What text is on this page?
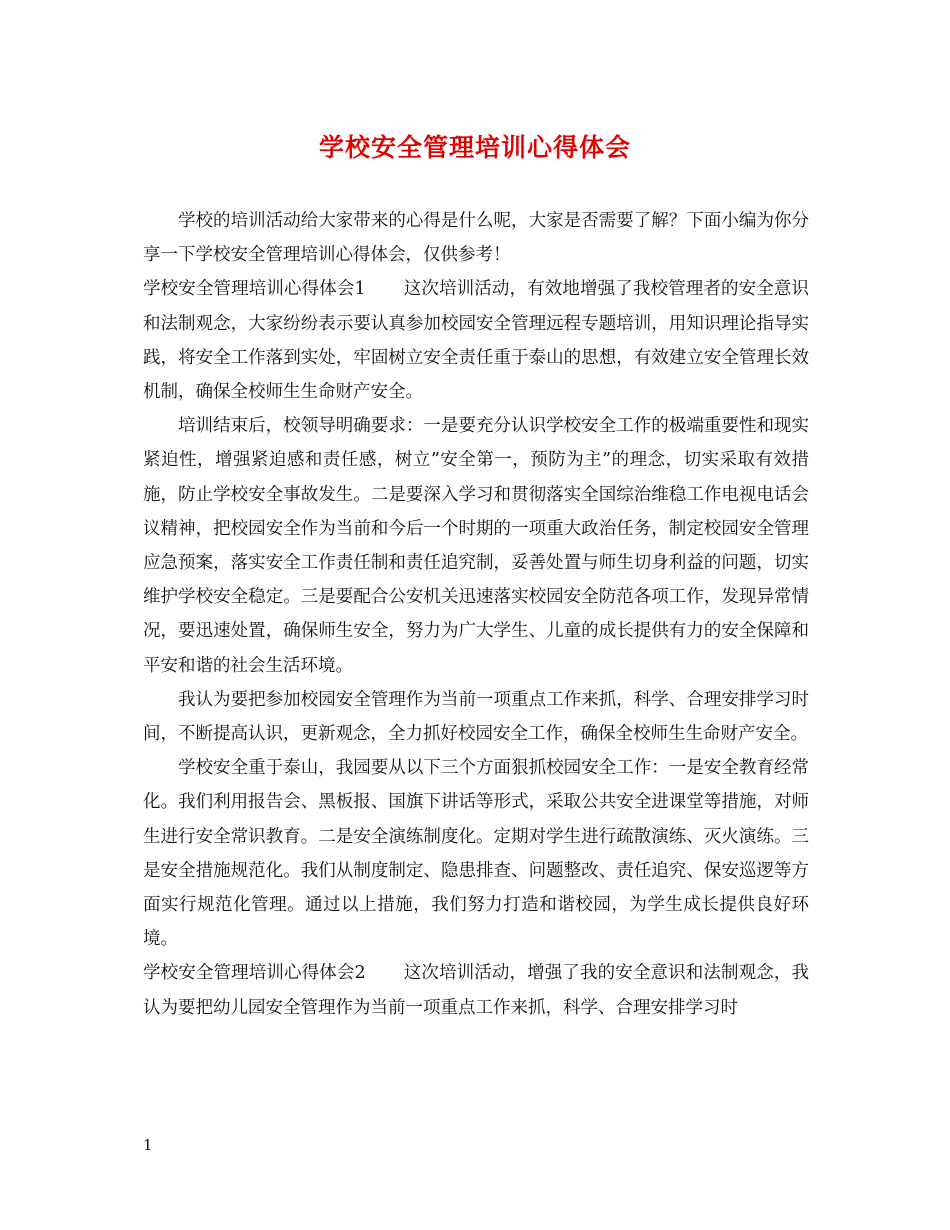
学校安全管理培训心得体会

学校的培训活动给大家带来的心得是什么呢，大家是否需要了解？下面小编为你分享一下学校安全管理培训心得体会，仅供参考！

学校安全管理培训心得体会1 这次培训活动，有效地增强了我校管理者的安全意识和法制观念，大家纷纷表示要认真参加校园安全管理远程专题培训，用知识理论指导实践，将安全工作落到实处，牢固树立安全责任重于泰山的思想，有效建立安全管理长效机制，确保全校师生生命财产安全。

培训结束后，校领导明确要求：一是要充分认识学校安全工作的极端重要性和现实紧迫性，增强紧迫感和责任感，树立”安全第一，预防为主”的理念，切实采取有效措施，防止学校安全事故发生。二是要深入学习和贯彻落实全国综治维稳工作电视电话会议精神，把校园安全作为当前和今后一个时期的一项重大政治任务，制定校园安全管理应急预案，落实安全工作责任制和责任追究制，妥善处置与师生切身利益的问题，切实维护学校安全稳定。三是要配合公安机关迅速落实校园安全防范各项工作，发现异常情况，要迅速处置，确保师生安全，努力为广大学生、儿童的成长提供有力的安全保障和平安和谐的社会生活环境。

我认为要把参加校园安全管理作为当前一项重点工作来抓，科学、合理安排学习时间，不断提高认识，更新观念，全力抓好校园安全工作，确保全校师生生命财产安全。

学校安全重于泰山，我园要从以下三个方面狠抓校园安全工作：一是安全教育经常化。我们利用报告会、黑板报、国旗下讲话等形式，采取公共安全进课堂等措施，对师生进行安全常识教育。二是安全演练制度化。定期对学生进行疏散演练、灭火演练。三是安全措施规范化。我们从制度制定、隐患排查、问题整改、责任追究、保安巡逻等方面实行规范化管理。通过以上措施，我们努力打造和谐校园，为学生成长提供良好环境。

学校安全管理培训心得体会2 这次培训活动，增强了我的安全意识和法制观念，我认为要把幼儿园安全管理作为当前一项重点工作来抓，科学、合理安排学习时

1
